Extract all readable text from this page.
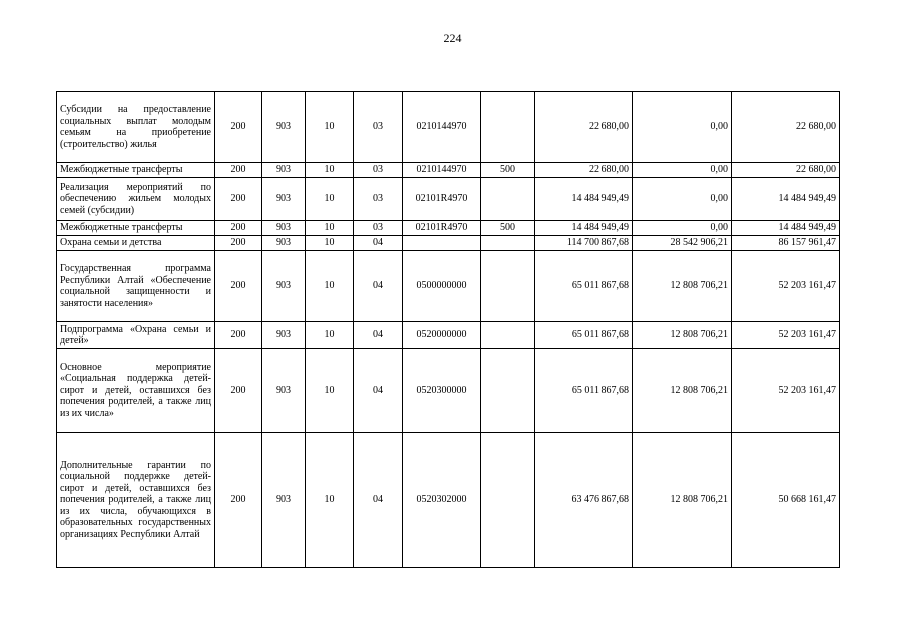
224
Субсидии на предоставление социальных выплат молодым семьям на приобретение (строительство) жилья	200	903	10	03	0210144970		22 680,00	0,00	22 680,00
Межбюджетные трансферты	200	903	10	03	0210144970	500	22 680,00	0,00	22 680,00
Реализация мероприятий по обеспечению жильем молодых семей (субсидии)	200	903	10	03	02101R4970		14 484 949,49	0,00	14 484 949,49
Межбюджетные трансферты	200	903	10	03	02101R4970	500	14 484 949,49	0,00	14 484 949,49
Охрана семьи и детства	200	903	10	04			114 700 867,68	28 542 906,21	86 157 961,47
Государственная программа Республики Алтай «Обеспечение социальной защищенности и занятости населения»	200	903	10	04	0500000000		65 011 867,68	12 808 706,21	52 203 161,47
Подпрограмма «Охрана семьи и детей»	200	903	10	04	0520000000		65 011 867,68	12 808 706,21	52 203 161,47
Основное мероприятие «Социальная поддержка детей-сирот и детей, оставшихся без попечения родителей, а также лиц из их числа»	200	903	10	04	0520300000		65 011 867,68	12 808 706,21	52 203 161,47
Дополнительные гарантии по социальной поддержке детей-сирот и детей, оставшихся без попечения родителей, а также лиц из их числа, обучающихся в образовательных государственных организациях Республики Алтай	200	903	10	04	0520302000		63 476 867,68	12 808 706,21	50 668 161,47
